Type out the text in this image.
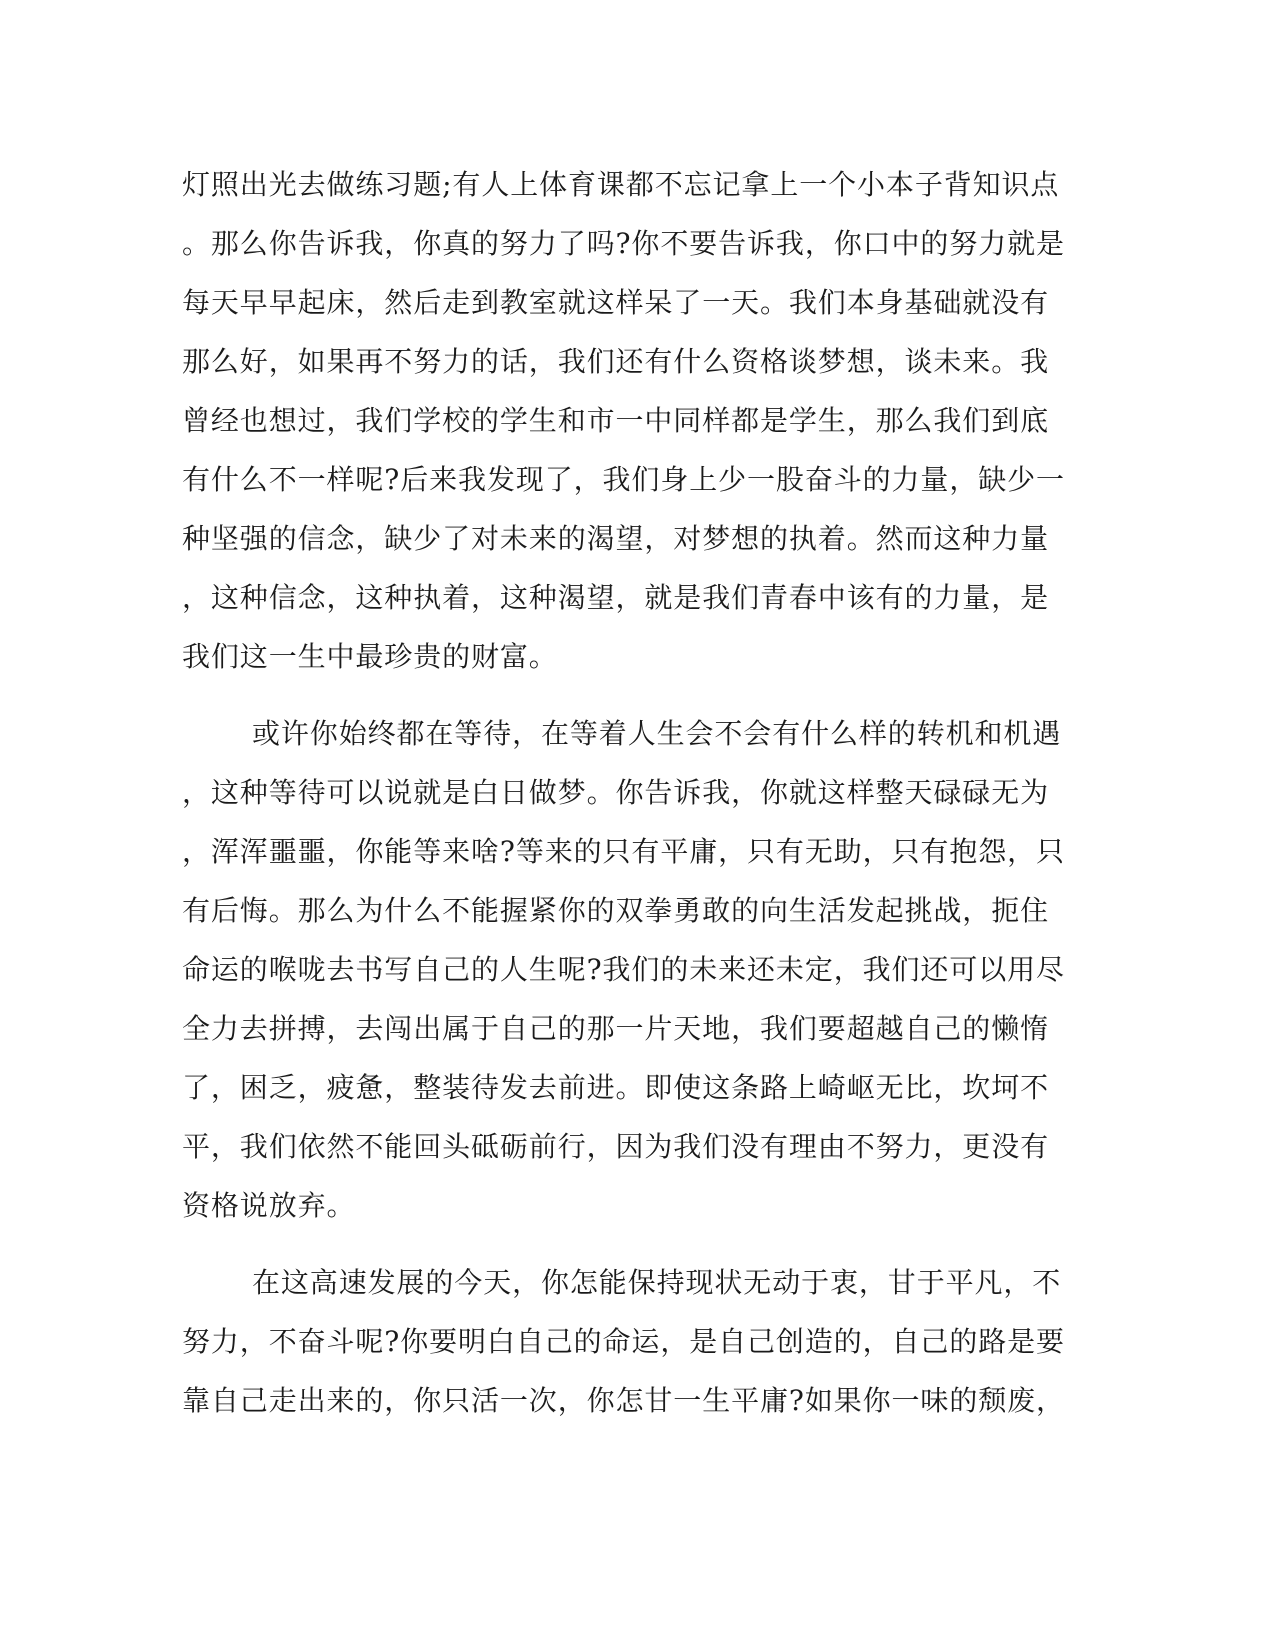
灯照出光去做练习题;有人上体育课都不忘记拿上一个小本子背知识点
。那么你告诉我，你真的努力了吗?你不要告诉我，你口中的努力就是
每天早早起床，然后走到教室就这样呆了一天。我们本身基础就没有
那么好，如果再不努力的话，我们还有什么资格谈梦想，谈未来。我
曾经也想过，我们学校的学生和市一中同样都是学生，那么我们到底
有什么不一样呢?后来我发现了，我们身上少一股奋斗的力量，缺少一
种坚强的信念，缺少了对未来的渴望，对梦想的执着。然而这种力量
，这种信念，这种执着，这种渴望，就是我们青春中该有的力量，是
我们这一生中最珍贵的财富。
或许你始终都在等待，在等着人生会不会有什么样的转机和机遇
，这种等待可以说就是白日做梦。你告诉我，你就这样整天碌碌无为
，浑浑噩噩，你能等来啥?等来的只有平庸，只有无助，只有抱怨，只
有后悔。那么为什么不能握紧你的双拳勇敢的向生活发起挑战，扼住
命运的喉咙去书写自己的人生呢?我们的未来还未定，我们还可以用尽
全力去拼搏，去闯出属于自己的那一片天地，我们要超越自己的懒惰
了，困乏，疲惫，整装待发去前进。即使这条路上崎岖无比，坎坷不
平，我们依然不能回头砥砺前行，因为我们没有理由不努力，更没有
资格说放弃。
在这高速发展的今天，你怎能保持现状无动于衷，甘于平凡，不
努力，不奋斗呢?你要明白自己的命运，是自己创造的，自己的路是要
靠自己走出来的，你只活一次，你怎甘一生平庸?如果你一味的颓废，
